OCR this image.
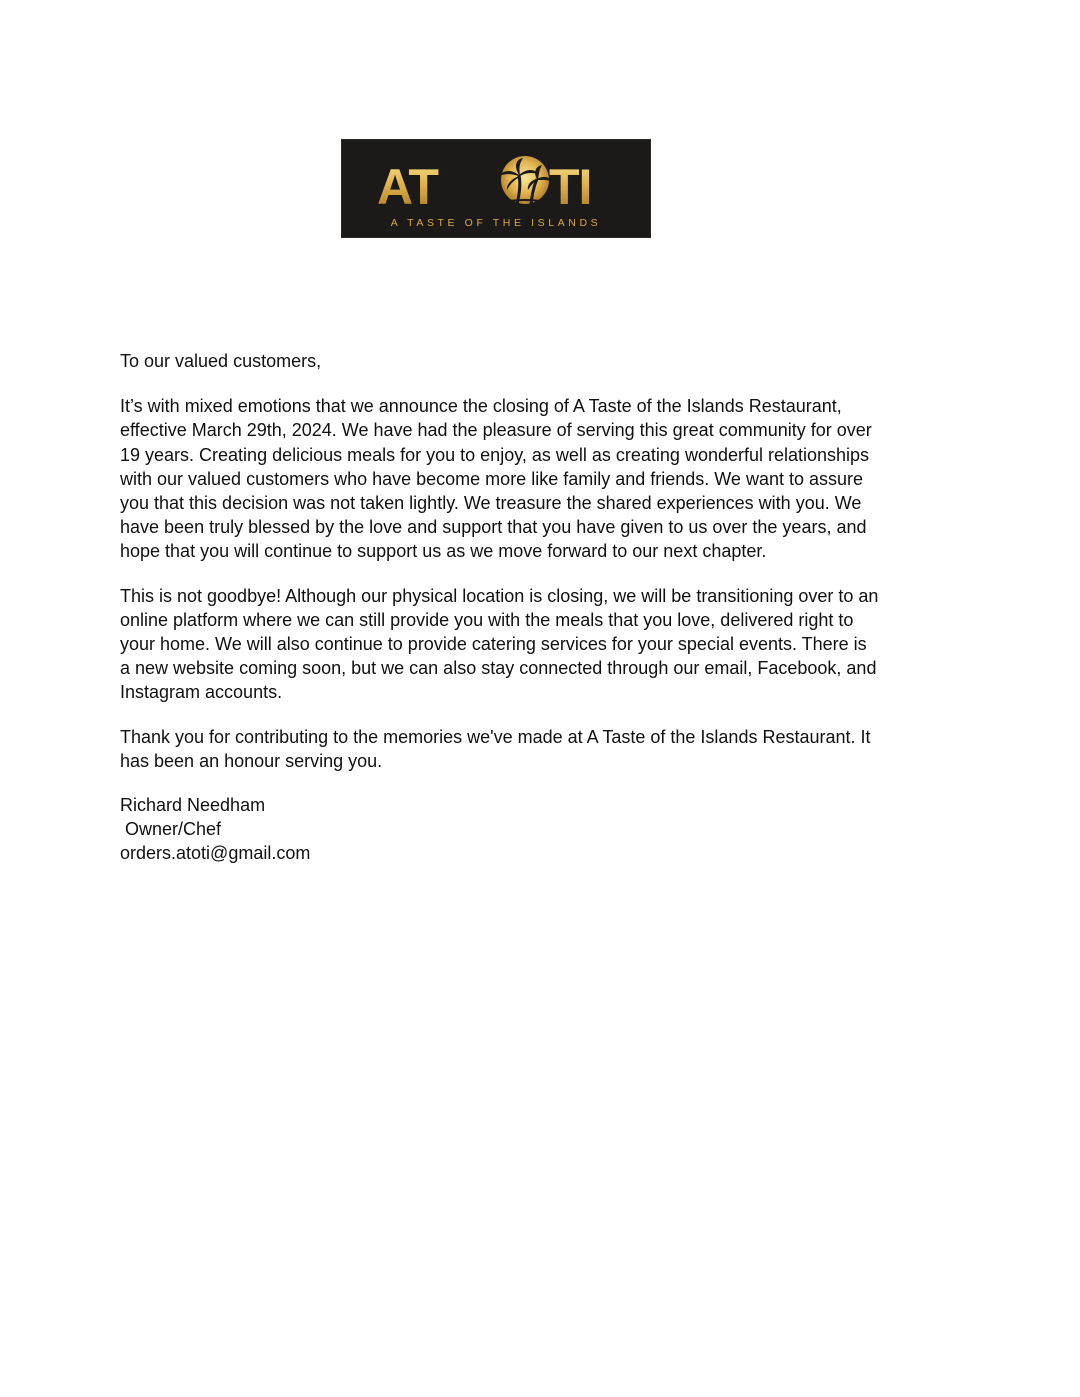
AT TI
A TASTE OF THE ISLANDS

To our valued customers,

It’s with mixed emotions that we announce the closing of A Taste of the Islands Restaurant, effective March 29th, 2024. We have had the pleasure of serving this great community for over 19 years. Creating delicious meals for you to enjoy, as well as creating wonderful relationships with our valued customers who have become more like family and friends. We want to assure you that this decision was not taken lightly. We treasure the shared experiences with you. We have been truly blessed by the love and support that you have given to us over the years, and hope that you will continue to support us as we move forward to our next chapter.

This is not goodbye! Although our physical location is closing, we will be transitioning over to an online platform where we can still provide you with the meals that you love, delivered right to your home. We will also continue to provide catering services for your special events. There is a new website coming soon, but we can also stay connected through our email, Facebook, and Instagram accounts.

Thank you for contributing to the memories we've made at A Taste of the Islands Restaurant. It has been an honour serving you.

Richard Needham
Owner/Chef
orders.atoti@gmail.com
